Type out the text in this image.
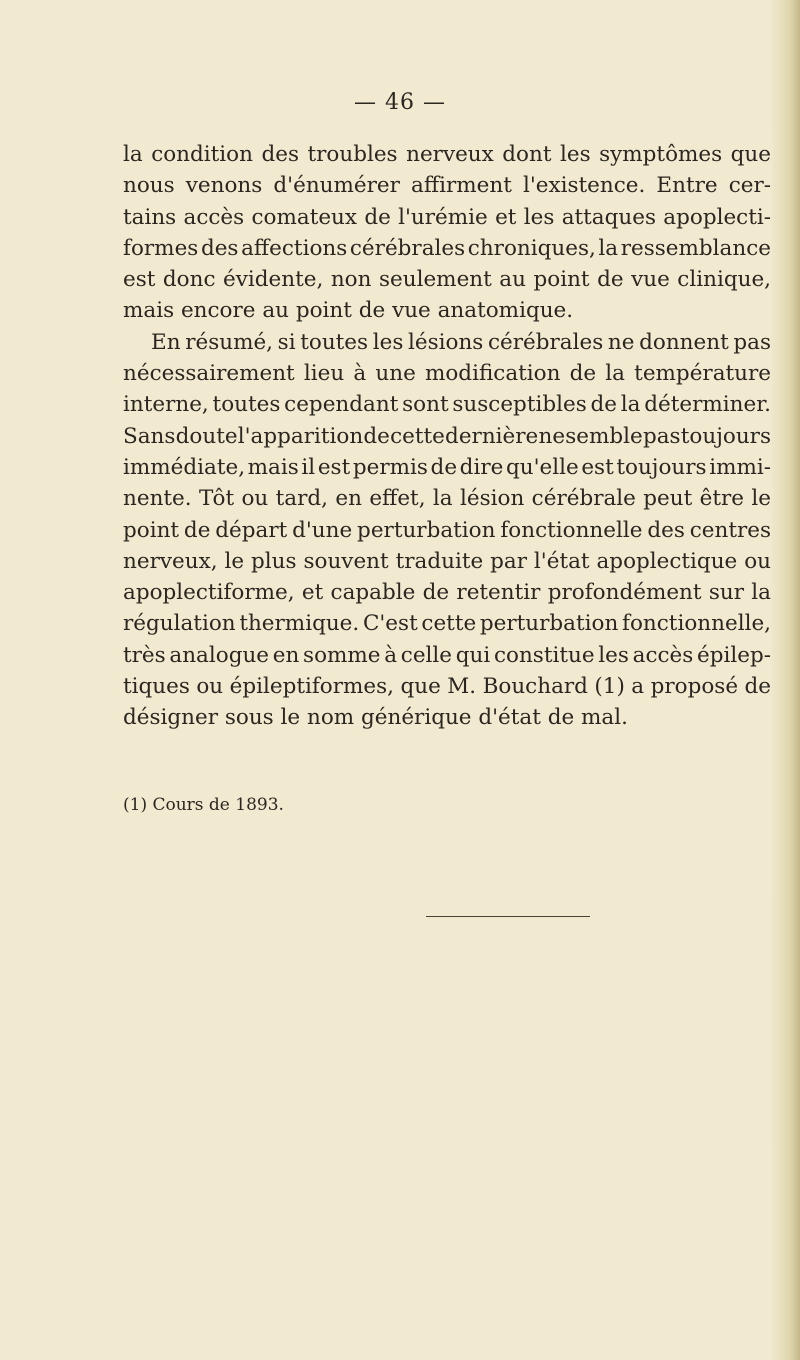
— 46 —
la condition des troubles nerveux dont les symptômes que
nous venons d'énumérer affirment l'existence. Entre cer-
tains accès comateux de l'urémie et les attaques apoplecti-
formes des affections cérébrales chroniques, la ressemblance
est donc évidente, non seulement au point de vue clinique,
mais encore au point de vue anatomique.
En résumé, si toutes les lésions cérébrales ne donnent pas
nécessairement lieu à une modification de la température
interne, toutes cependant sont susceptibles de la déterminer.
Sans doute l'apparition de cette dernière ne semble pas toujours
immédiate, mais il est permis de dire qu'elle est toujours immi-
nente. Tôt ou tard, en effet, la lésion cérébrale peut être le
point de départ d'une perturbation fonctionnelle des centres
nerveux, le plus souvent traduite par l'état apoplectique ou
apoplectiforme, et capable de retentir profondément sur la
régulation thermique. C'est cette perturbation fonctionnelle,
très analogue en somme à celle qui constitue les accès épilep-
tiques ou épileptiformes, que M. Bouchard (1) a proposé de
désigner sous le nom générique d'état de mal.
(1) Cours de 1893.
